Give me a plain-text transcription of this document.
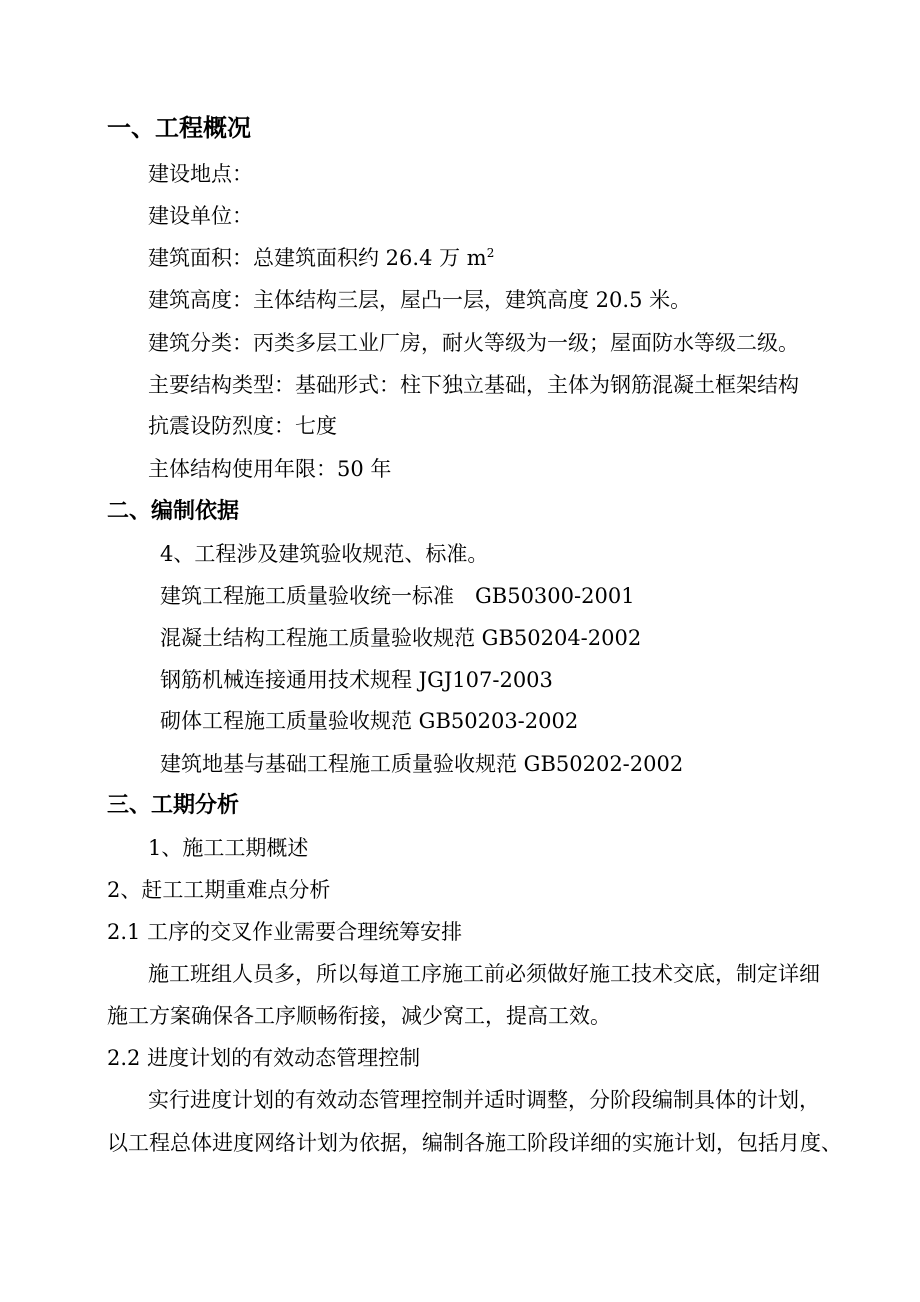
一、工程概况
建设地点：
建设单位：
建筑面积：总建筑面积约 26.4 万 $m^2$
建筑高度：主体结构三层，屋凸一层，建筑高度 20.5 米。
建筑分类：丙类多层工业厂房，耐火等级为一级；屋面防水等级二级。
主要结构类型：基础形式：柱下独立基础，主体为钢筋混凝土框架结构
抗震设防烈度：七度
主体结构使用年限：50 年
二、编制依据
4、工程涉及建筑验收规范、标准。
建筑工程施工质量验收统一标准　GB50300-2001
混凝土结构工程施工质量验收规范 GB50204-2002
钢筋机械连接通用技术规程 JGJ107-2003
砌体工程施工质量验收规范 GB50203-2002
建筑地基与基础工程施工质量验收规范 GB50202-2002
三、工期分析
1、施工工期概述
2、赶工工期重难点分析
2.1 工序的交叉作业需要合理统筹安排
施工班组人员多，所以每道工序施工前必须做好施工技术交底，制定详细
施工方案确保各工序顺畅衔接，减少窝工，提高工效。
2.2 进度计划的有效动态管理控制
实行进度计划的有效动态管理控制并适时调整，分阶段编制具体的计划，
以工程总体进度网络计划为依据，编制各施工阶段详细的实施计划，包括月度、
